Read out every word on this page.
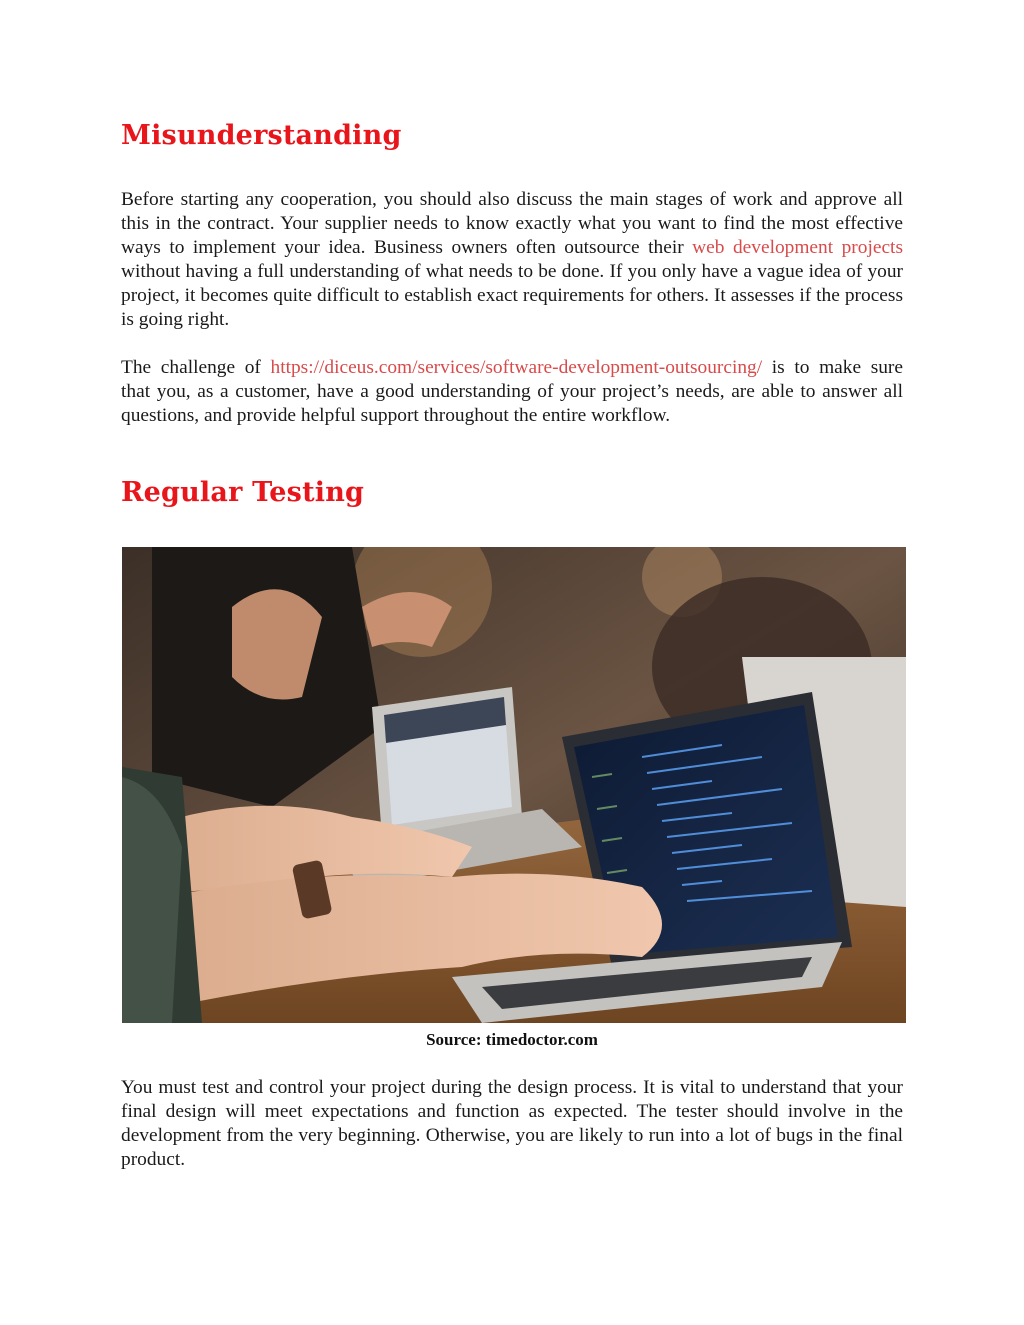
Misunderstanding

Before starting any cooperation, you should also discuss the main stages of work and approve all this in the contract. Your supplier needs to know exactly what you want to find the most effective ways to implement your idea. Business owners often outsource their web development projects without having a full understanding of what needs to be done. If you only have a vague idea of your project, it becomes quite difficult to establish exact requirements for others. It assesses if the process is going right.

The challenge of https://diceus.com/services/software-development-outsourcing/ is to make sure that you, as a customer, have a good understanding of your project’s needs, are able to answer all questions, and provide helpful support throughout the entire workflow.

Regular Testing
Source: timedoctor.com

You must test and control your project during the design process. It is vital to understand that your final design will meet expectations and function as expected. The tester should involve in the development from the very beginning. Otherwise, you are likely to run into a lot of bugs in the final product.
